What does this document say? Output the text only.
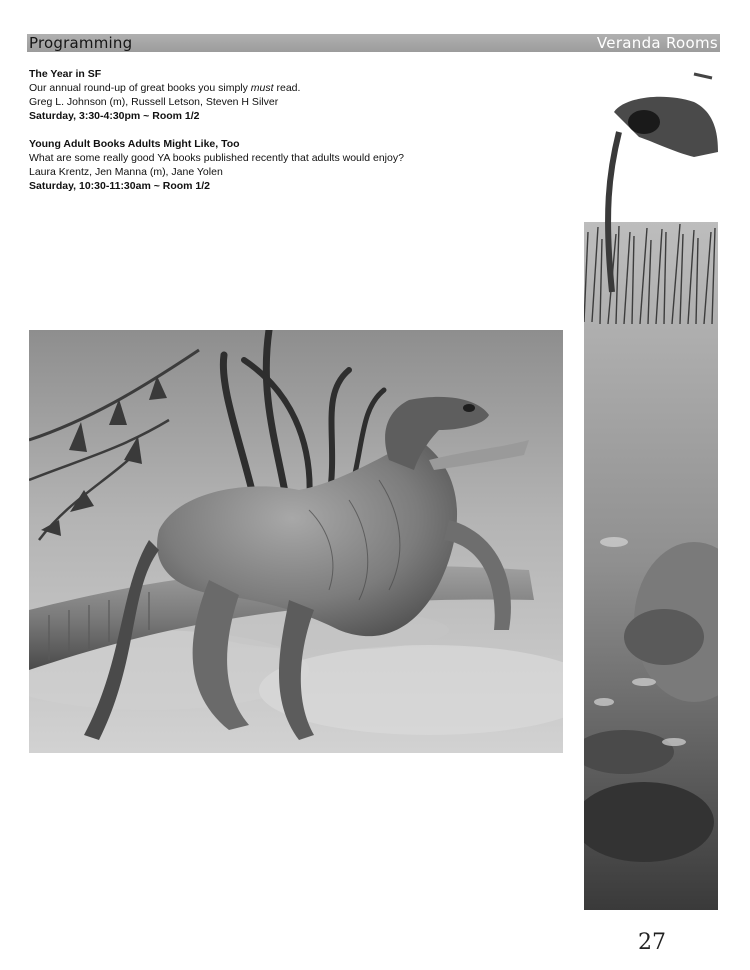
Programming	Veranda Rooms
The Year in SF
Our annual round-up of great books you simply must read.
Greg L. Johnson (m), Russell Letson, Steven H Silver
Saturday, 3:30-4:30pm ~ Room 1/2
Young Adult Books Adults Might Like, Too
What are some really good YA books published recently that adults would enjoy?
Laura Krentz, Jen Manna (m), Jane Yolen
Saturday, 10:30-11:30am ~ Room 1/2
27
